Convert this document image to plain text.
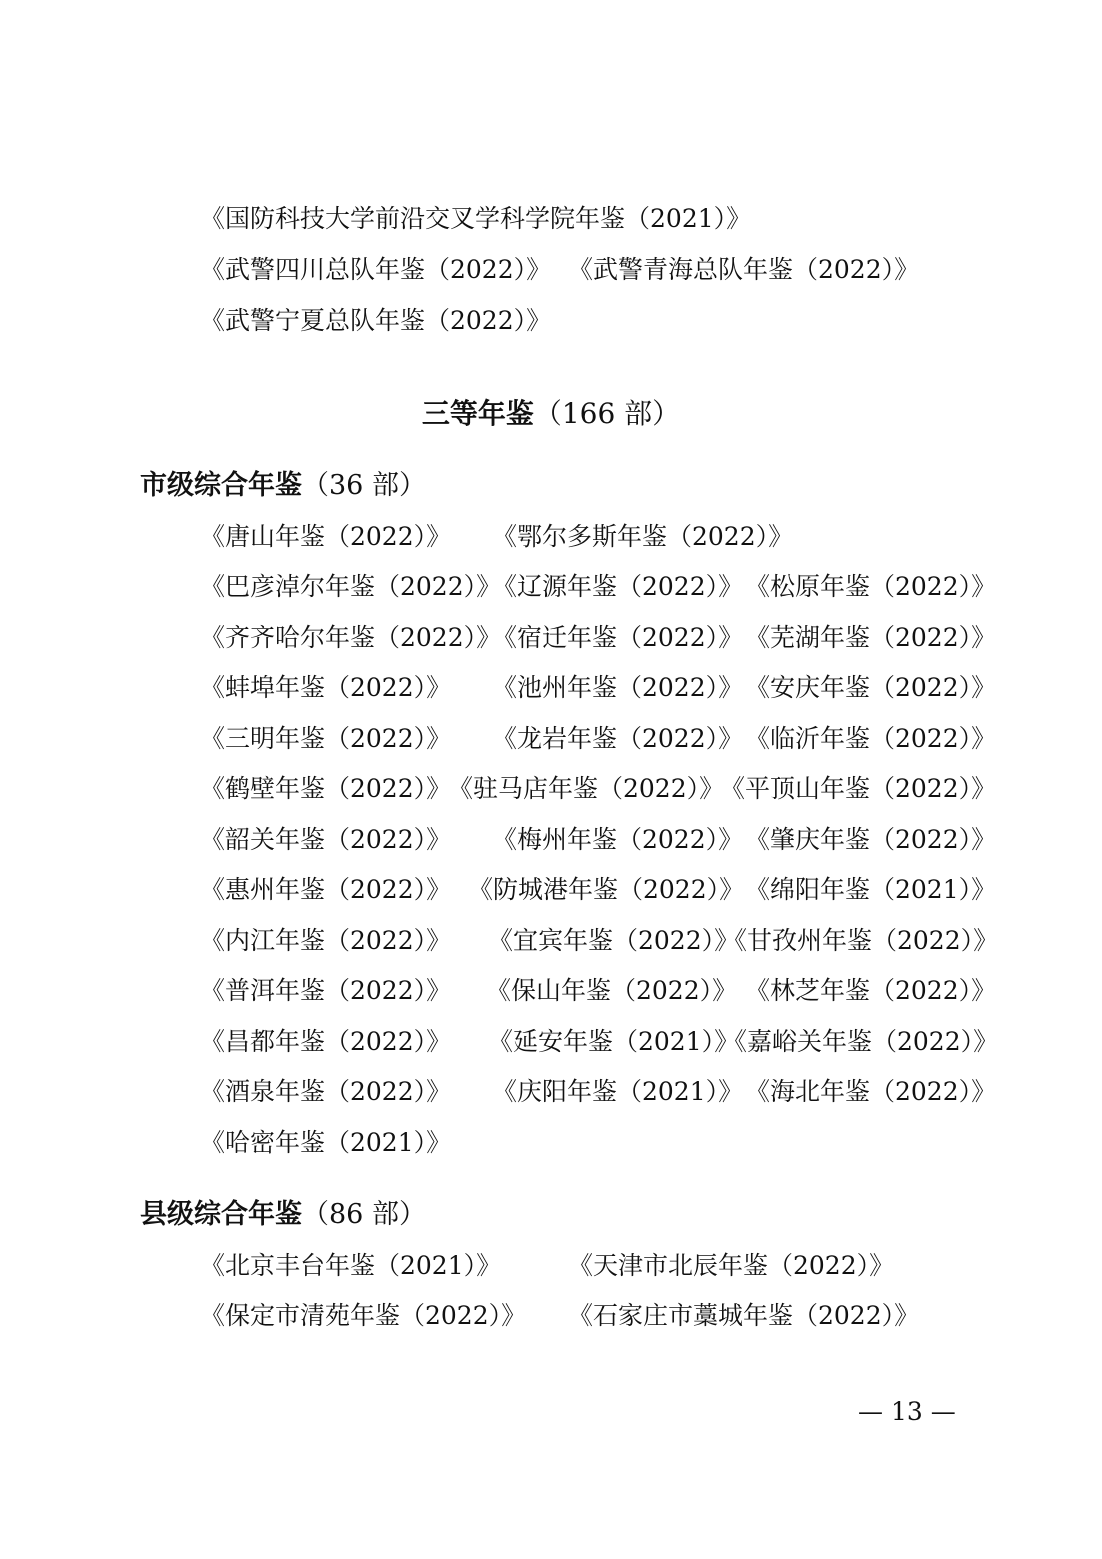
《国防科技大学前沿交叉学科学院年鉴（2021）》
《武警四川总队年鉴（2022）》 《武警青海总队年鉴（2022）》
《武警宁夏总队年鉴（2022）》
三等年鉴（166 部）
市级综合年鉴（36 部）
《唐山年鉴（2022）》 《鄂尔多斯年鉴（2022）》
《巴彦淖尔年鉴（2022）》
《辽源年鉴（2022）》 《松原年鉴（2022）》
《齐齐哈尔年鉴（2022）》
《宿迁年鉴（2022）》 《芜湖年鉴（2022）》
《蚌埠年鉴（2022）》 《池州年鉴（2022）》 《安庆年鉴（2022）》
《三明年鉴（2022）》 《龙岩年鉴（2022）》 《临沂年鉴（2022）》
《鹤壁年鉴（2022）》
《驻马店年鉴（2022）》
《平顶山年鉴（2022）》
《韶关年鉴（2022）》 《梅州年鉴（2022）》 《肇庆年鉴（2022）》
《惠州年鉴（2022）》 《防城港年鉴（2022）》 《绵阳年鉴（2021）》
《内江年鉴（2022）》 《宜宾年鉴（2022）》
《甘孜州年鉴（2022）》
《普洱年鉴（2022）》 《保山年鉴（2022）》 《林芝年鉴（2022）》
《昌都年鉴（2022）》 《延安年鉴（2021）》
《嘉峪关年鉴（2022）》
《酒泉年鉴（2022）》 《庆阳年鉴（2021）》 《海北年鉴（2022）》
《哈密年鉴（2021）》
县级综合年鉴（86 部）
《北京丰台年鉴（2021）》	《天津市北辰年鉴（2022）》
《保定市清苑年鉴（2022）》 《石家庄市藁城年鉴（2022）》
— 13 —
